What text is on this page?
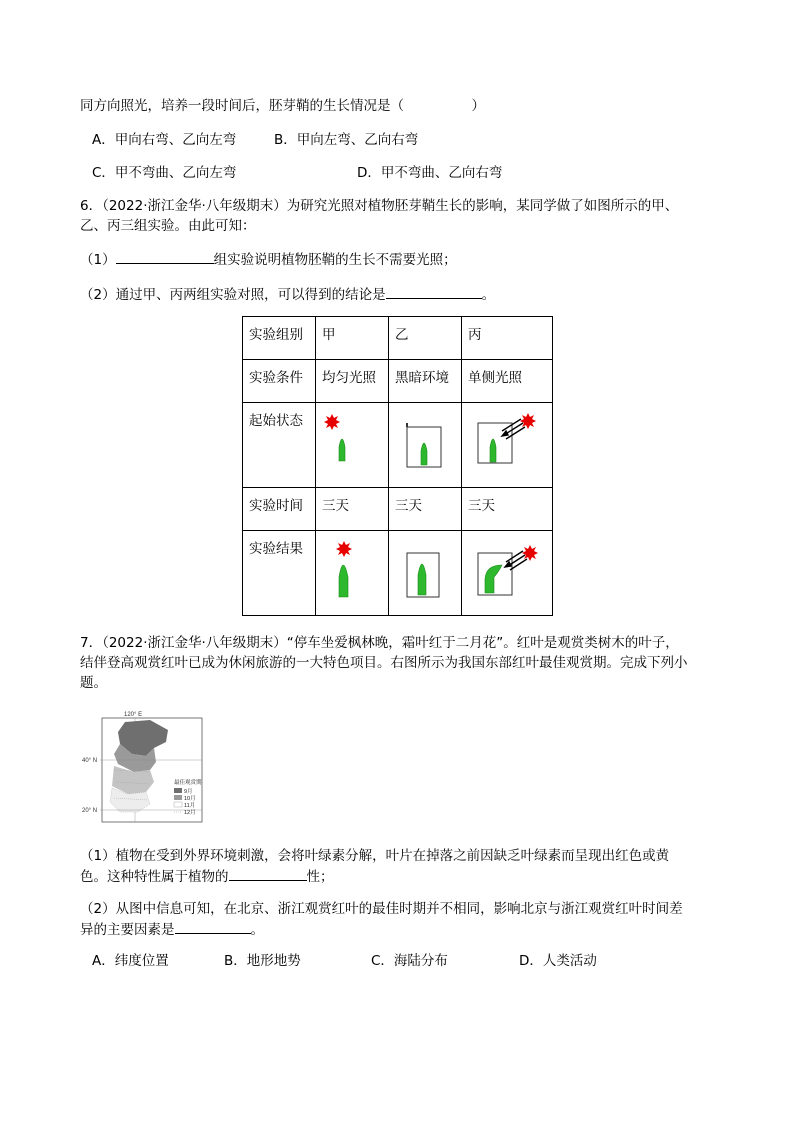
同方向照光，培养一段时间后，胚芽鞘的生长情况是（　　　　　）
A．甲向右弯、乙向左弯	B．甲向左弯、乙向右弯
C．甲不弯曲、乙向左弯	D．甲不弯曲、乙向右弯
6．（2022·浙江金华·八年级期末）为研究光照对植物胚芽鞘生长的影响，某同学做了如图所示的甲、
乙、丙三组实验。由此可知：
（1）	组实验说明植物胚鞘的生长不需要光照；
（2）通过甲、丙两组实验对照，可以得到的结论是	。
实验组别	甲	乙	丙
实验条件	均匀光照	黑暗环境	单侧光照
起始状态	

实验时间	三天	三天	三天
实验结果	

7．（2022·浙江金华·八年级期末）“停车坐爱枫林晚，霜叶红于二月花”。红叶是观赏类树木的叶子，
结伴登高观赏红叶已成为休闲旅游的一大特色项目。右图所示为我国东部红叶最佳观赏期。完成下列小
题。
120° E
40° N
20° N
最佳观赏期
9月
10月
11月
12月
（1）植物在受到外界环境刺激，会将叶绿素分解，叶片在掉落之前因缺乏叶绿素而呈现出红色或黄
色。这种特性属于植物的	性；
（2）从图中信息可知，在北京、浙江观赏红叶的最佳时期并不相同，影响北京与浙江观赏红叶时间差
异的主要因素是	。
A．纬度位置	B．地形地势	C．海陆分布	D．人类活动
